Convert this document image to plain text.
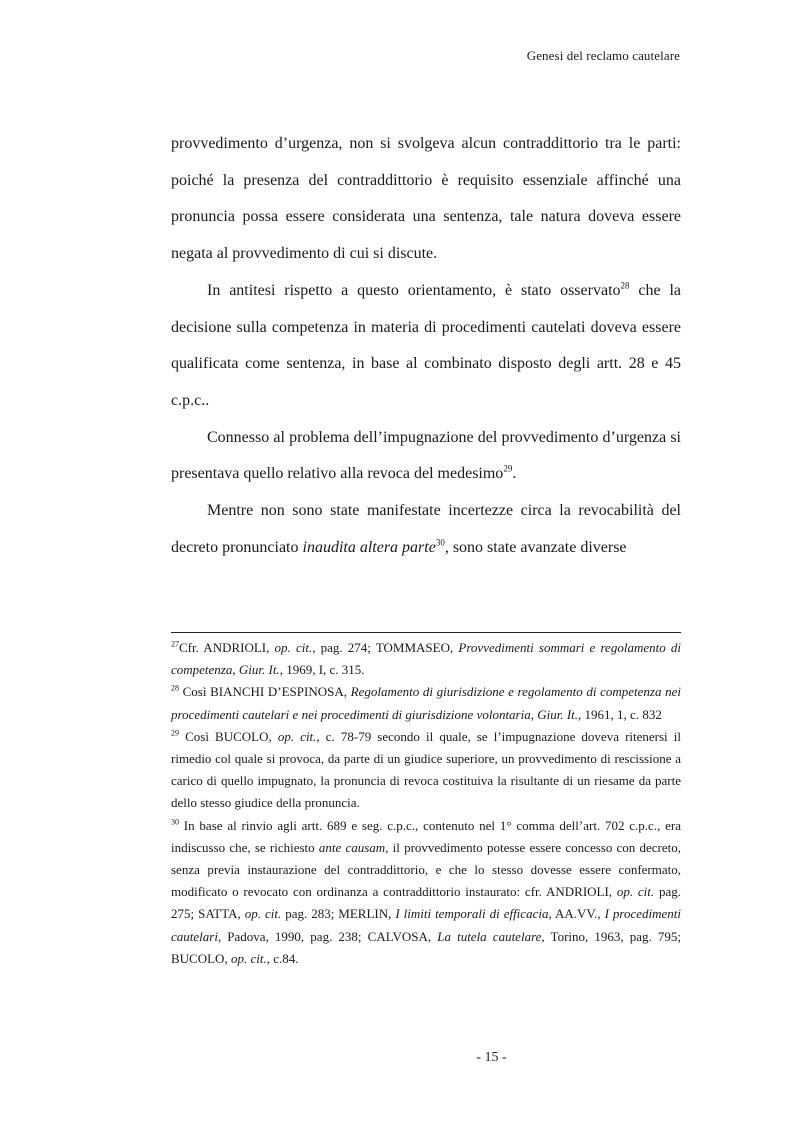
Genesi del reclamo cautelare

provvedimento d’urgenza, non si svolgeva alcun contraddittorio tra le parti: poiché la presenza del contraddittorio è requisito essenziale affinché una pronuncia possa essere considerata una sentenza, tale natura doveva essere negata al provvedimento di cui si discute.

In antitesi rispetto a questo orientamento, è stato osservato$^{28}$ che la decisione sulla competenza in materia di procedimenti cautelati doveva essere qualificata come sentenza, in base al combinato disposto degli artt. 28 e 45 c.p.c..

Connesso al problema dell’impugnazione del provvedimento d’urgenza si presentava quello relativo alla revoca del medesimo$^{29}$.

Mentre non sono state manifestate incertezze circa la revocabilità del decreto pronunciato inaudita altera parte$^{30}$, sono state avanzate diverse

$^{27}$Cfr. ANDRIOLI, op. cit., pag. 274; TOMMASEO, Provvedimenti sommari e regolamento di competenza, Giur. It., 1969, I, c. 315.

$^{28}$ Così BIANCHI D’ESPINOSA, Regolamento di giurisdizione e regolamento di competenza nei procedimenti cautelari e nei procedimenti di giurisdizione volontaria, Giur. It., 1961, 1, c. 832

$^{29}$ Così BUCOLO, op. cit., c. 78-79 secondo il quale, se l’impugnazione doveva ritenersi il rimedio col quale si provoca, da parte di un giudice superiore, un provvedimento di rescissione a carico di quello impugnato, la pronuncia di revoca costituiva la risultante di un riesame da parte dello stesso giudice della pronuncia.

$^{30}$ In base al rinvio agli artt. 689 e seg. c.p.c., contenuto nel 1° comma dell’art. 702 c.p.c., era indiscusso che, se richiesto ante causam, il provvedimento potesse essere concesso con decreto, senza previa instaurazione del contraddittorio, e che lo stesso dovesse essere confermato, modificato o revocato con ordinanza a contraddittorio instaurato: cfr. ANDRIOLI, op. cit. pag. 275; SATTA, op. cit. pag. 283; MERLIN, I limiti temporali di efficacia, AA.VV., I procedimenti cautelari, Padova, 1990, pag. 238; CALVOSA, La tutela cautelare, Torino, 1963, pag. 795; BUCOLO, op. cit., c.84.

- 15 -
